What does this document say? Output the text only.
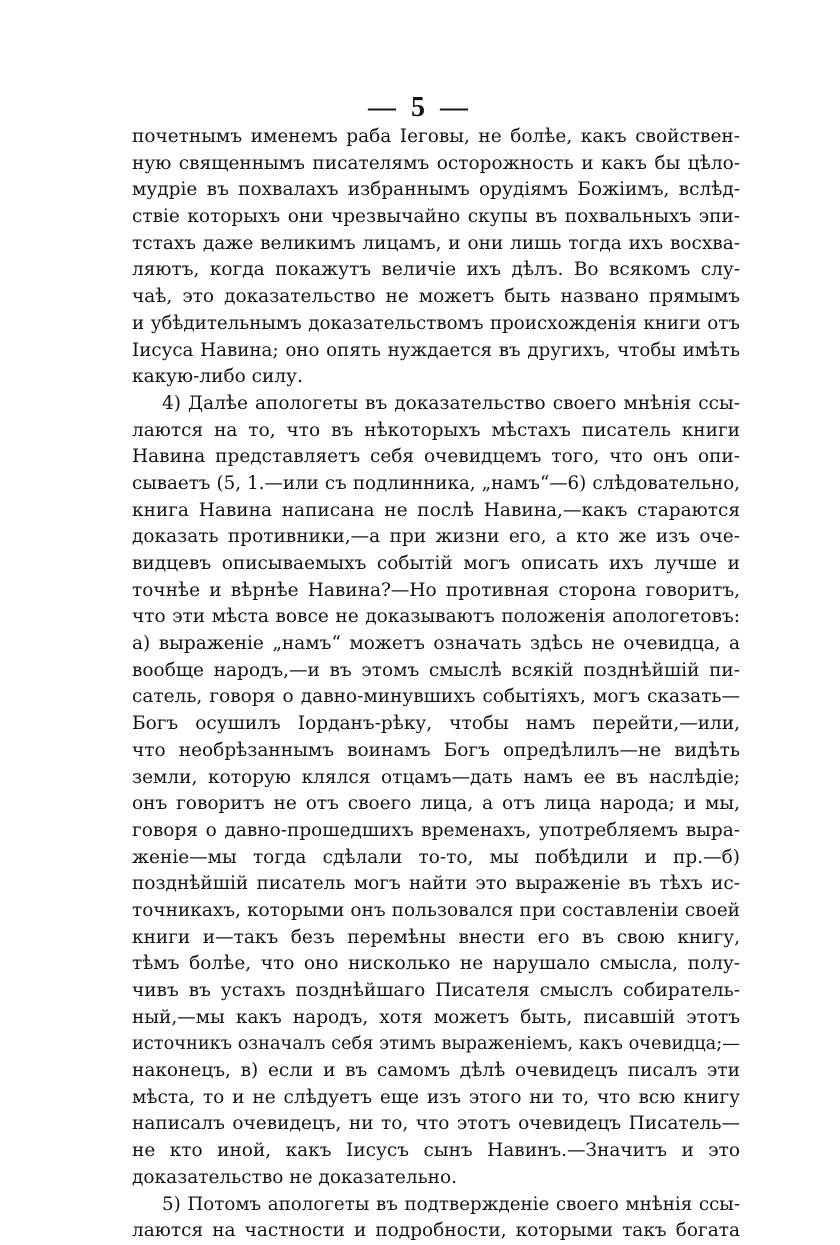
— 5 —
почетнымъ именемъ раба Іеговы, не болѣе, какъ свойствен-
ную священнымъ писателямъ осторожность и какъ бы цѣло-
мудріе въ похвалахъ избраннымъ орудіямъ Божіимъ, вслѣд-
ствіе которыхъ они чрезвычайно скупы въ похвальныхъ эпи-
тстахъ даже великимъ лицамъ, и они лишь тогда ихъ восхва-
ляютъ, когда покажутъ величіе ихъ дѣлъ. Во всякомъ слу-
чаѣ, это доказательство не можетъ быть названо прямымъ
и убѣдительнымъ доказательствомъ происхожденія книги отъ
Іисуса Навина; оно опять нуждается въ другихъ, чтобы имѣть
какую-либо силу.
4) Далѣе апологеты въ доказательство своего мнѣнія ссы-
лаются на то, что въ нѣкоторыхъ мѣстахъ писатель книги
Навина представляетъ себя очевидцемъ того, что онъ опи-
сываетъ (5, 1.—или съ подлинника, „намъ“—6) слѣдовательно,
книга Навина написана не послѣ Навина,—какъ стараются
доказать противники,—а при жизни его, а кто же изъ оче-
видцевъ описываемыхъ событій могъ описать ихъ лучше и
точнѣе и вѣрнѣе Навина?—Но противная сторона говоритъ,
что эти мѣста вовсе не доказываютъ положенія апологетовъ:
а) выраженіе „намъ“ можетъ означать здѣсь не очевидца, а
вообще народъ,—и въ этомъ смыслѣ всякій позднѣйшій пи-
сатель, говоря о давно-минувшихъ событіяхъ, могъ сказать—
Богъ осушилъ Іорданъ-рѣку, чтобы намъ перейти,—или,
что необрѣзаннымъ воинамъ Богъ опредѣлилъ—не видѣть
земли, которую клялся отцамъ—дать намъ ее въ наслѣдіе;
онъ говоритъ не отъ своего лица, а отъ лица народа; и мы,
говоря о давно-прошедшихъ временахъ, употребляемъ выра-
женіе—мы тогда сдѣлали то-то, мы побѣдили и пр.—б)
позднѣйшій писатель могъ найти это выраженіе въ тѣхъ ис-
точникахъ, которыми онъ пользовался при составленіи своей
книги и—такъ безъ перемѣны внести его въ свою книгу,
тѣмъ болѣе, что оно нисколько не нарушало смысла, полу-
чивъ въ устахъ позднѣйшаго Писателя смыслъ собиратель-
ный,—мы какъ народъ, хотя можетъ быть, писавшій этотъ
источникъ означалъ себя этимъ выраженіемъ, какъ очевидца;—
наконецъ, в) если и въ самомъ дѣлѣ очевидецъ писалъ эти
мѣста, то и не слѣдуетъ еще изъ этого ни то, что всю книгу
написалъ очевидецъ, ни то, что этотъ очевидецъ Писатель—
не кто иной, какъ Іисусъ сынъ Навинъ.—Значитъ и это
доказательство не доказательно.
5) Потомъ апологеты въ подтвержденіе своего мнѣнія ссы-
лаются на частности и подробности, которыми такъ богата
